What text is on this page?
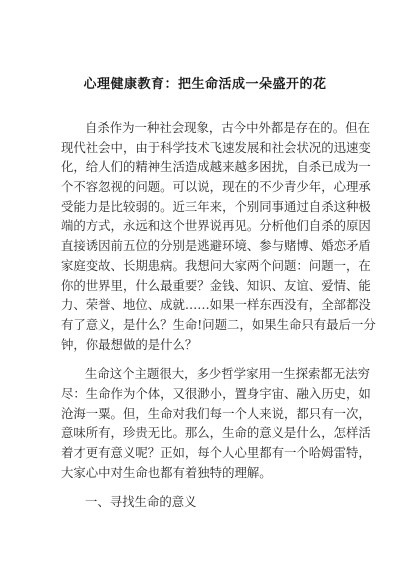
心理健康教育：把生命活成一朵盛开的花
自杀作为一种社会现象，古今中外都是存在的。但在
现代社会中，由于科学技术飞速发展和社会状况的迅速变
化，给人们的精神生活造成越来越多困扰，自杀已成为一
个不容忽视的问题。可以说，现在的不少青少年，心理承
受能力是比较弱的。近三年来，个别同事通过自杀这种极
端的方式，永远和这个世界说再见。分析他们自杀的原因
直接诱因前五位的分别是逃避环境、参与赌博、婚恋矛盾
家庭变故、长期患病。我想问大家两个问题：问题一，在
你的世界里，什么最重要？金钱、知识、友谊、爱情、能
力、荣誉、地位、成就……如果一样东西没有，全部都没
有了意义，是什么？生命!问题二，如果生命只有最后一分
钟，你最想做的是什么？
生命这个主题很大，多少哲学家用一生探索都无法穷
尽：生命作为个体，又很渺小，置身宇宙、融入历史，如
沧海一粟。但，生命对我们每一个人来说，都只有一次，
意味所有，珍贵无比。那么，生命的意义是什么，怎样活
着才更有意义呢？正如，每个人心里都有一个哈姆雷特，
大家心中对生命也都有着独特的理解。
一、寻找生命的意义
